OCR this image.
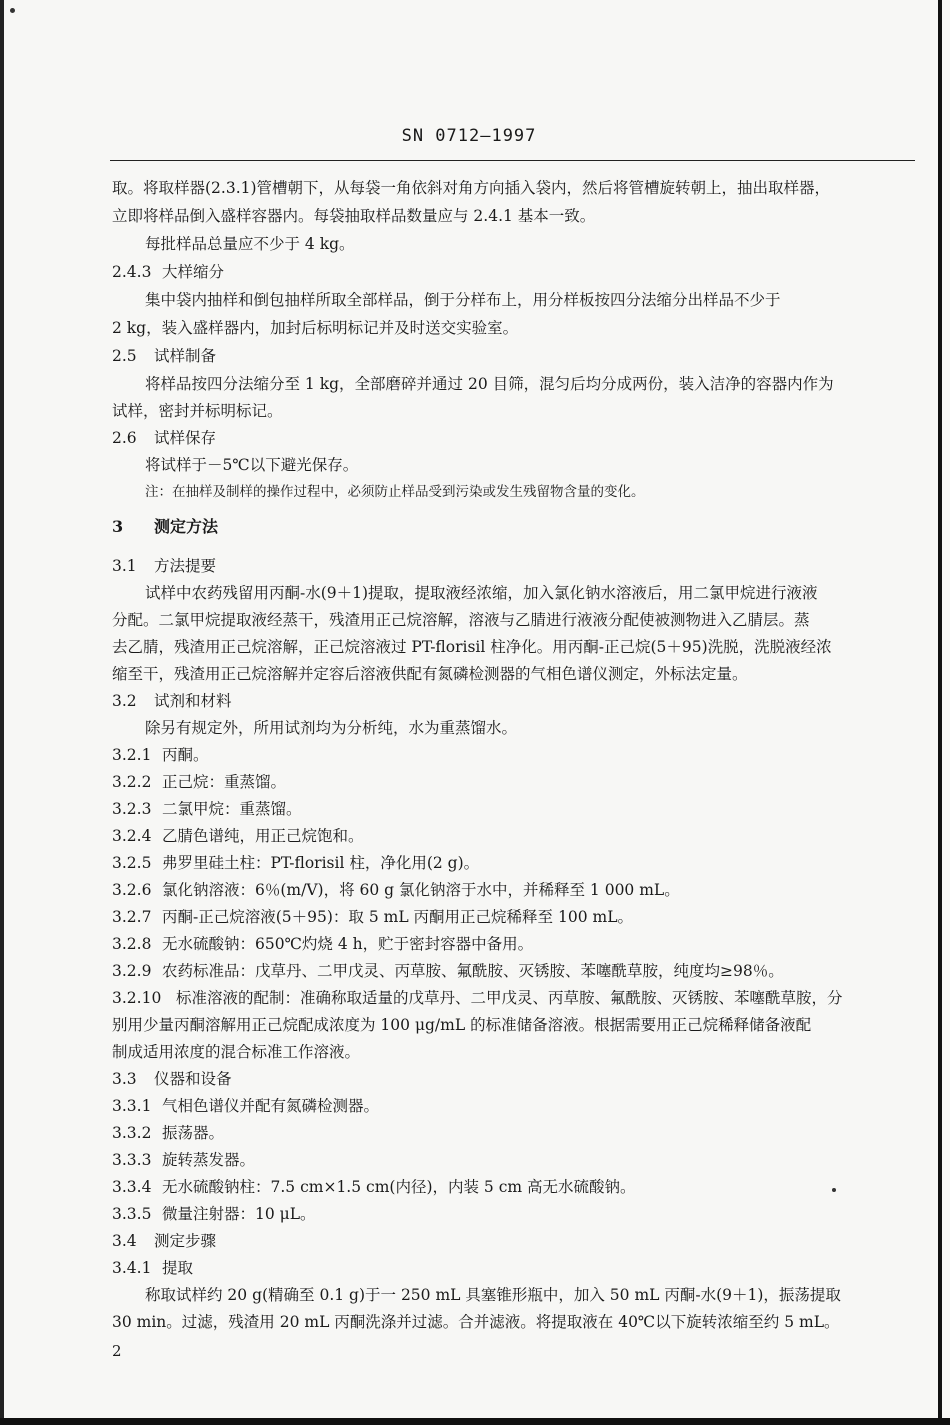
SN 0712—1997
取。将取样器(2.3.1)管槽朝下，从每袋一角依斜对角方向插入袋内，然后将管槽旋转朝上，抽出取样器，
立即将样品倒入盛样容器内。每袋抽取样品数量应与 2.4.1 基本一致。
每批样品总量应不少于 4 kg。
2.4.3 大样缩分
集中袋内抽样和倒包抽样所取全部样品，倒于分样布上，用分样板按四分法缩分出样品不少于
2 kg，装入盛样器内，加封后标明标记并及时送交实验室。
2.5 试样制备
将样品按四分法缩分至 1 kg，全部磨碎并通过 20 目筛，混匀后均分成两份，装入洁净的容器内作为
试样，密封并标明标记。
2.6 试样保存
将试样于－5℃以下避光保存。
注：在抽样及制样的操作过程中，必须防止样品受到污染或发生残留物含量的变化。
3 测定方法
3.1 方法提要
试样中农药残留用丙酮-水(9＋1)提取，提取液经浓缩，加入氯化钠水溶液后，用二氯甲烷进行液液
分配。二氯甲烷提取液经蒸干，残渣用正己烷溶解，溶液与乙腈进行液液分配使被测物进入乙腈层。蒸
去乙腈，残渣用正己烷溶解，正己烷溶液过 PT-florisil 柱净化。用丙酮-正己烷(5＋95)洗脱，洗脱液经浓
缩至干，残渣用正己烷溶解并定容后溶液供配有氮磷检测器的气相色谱仪测定，外标法定量。
3.2 试剂和材料
除另有规定外，所用试剂均为分析纯，水为重蒸馏水。
3.2.1 丙酮。
3.2.2 正己烷：重蒸馏。
3.2.3 二氯甲烷：重蒸馏。
3.2.4 乙腈色谱纯，用正己烷饱和。
3.2.5 弗罗里硅土柱：PT-florisil 柱，净化用(2 g)。
3.2.6 氯化钠溶液：6％(m/V)，将 60 g 氯化钠溶于水中，并稀释至 1 000 mL。
3.2.7 丙酮-正己烷溶液(5＋95)：取 5 mL 丙酮用正己烷稀释至 100 mL。
3.2.8 无水硫酸钠：650℃灼烧 4 h，贮于密封容器中备用。
3.2.9 农药标准品：戊草丹、二甲戊灵、丙草胺、氟酰胺、灭锈胺、苯噻酰草胺，纯度均≥98％。
3.2.10 标准溶液的配制：准确称取适量的戊草丹、二甲戊灵、丙草胺、氟酰胺、灭锈胺、苯噻酰草胺，分
别用少量丙酮溶解用正己烷配成浓度为 100 μg/mL 的标准储备溶液。根据需要用正己烷稀释储备液配
制成适用浓度的混合标准工作溶液。
3.3 仪器和设备
3.3.1 气相色谱仪并配有氮磷检测器。
3.3.2 振荡器。
3.3.3 旋转蒸发器。
3.3.4 无水硫酸钠柱：7.5 cm×1.5 cm(内径)，内装 5 cm 高无水硫酸钠。
3.3.5 微量注射器：10 μL。
3.4 测定步骤
3.4.1 提取
称取试样约 20 g(精确至 0.1 g)于一 250 mL 具塞锥形瓶中，加入 50 mL 丙酮-水(9＋1)，振荡提取
30 min。过滤，残渣用 20 mL 丙酮洗涤并过滤。合并滤液。将提取液在 40℃以下旋转浓缩至约 5 mL。
2
